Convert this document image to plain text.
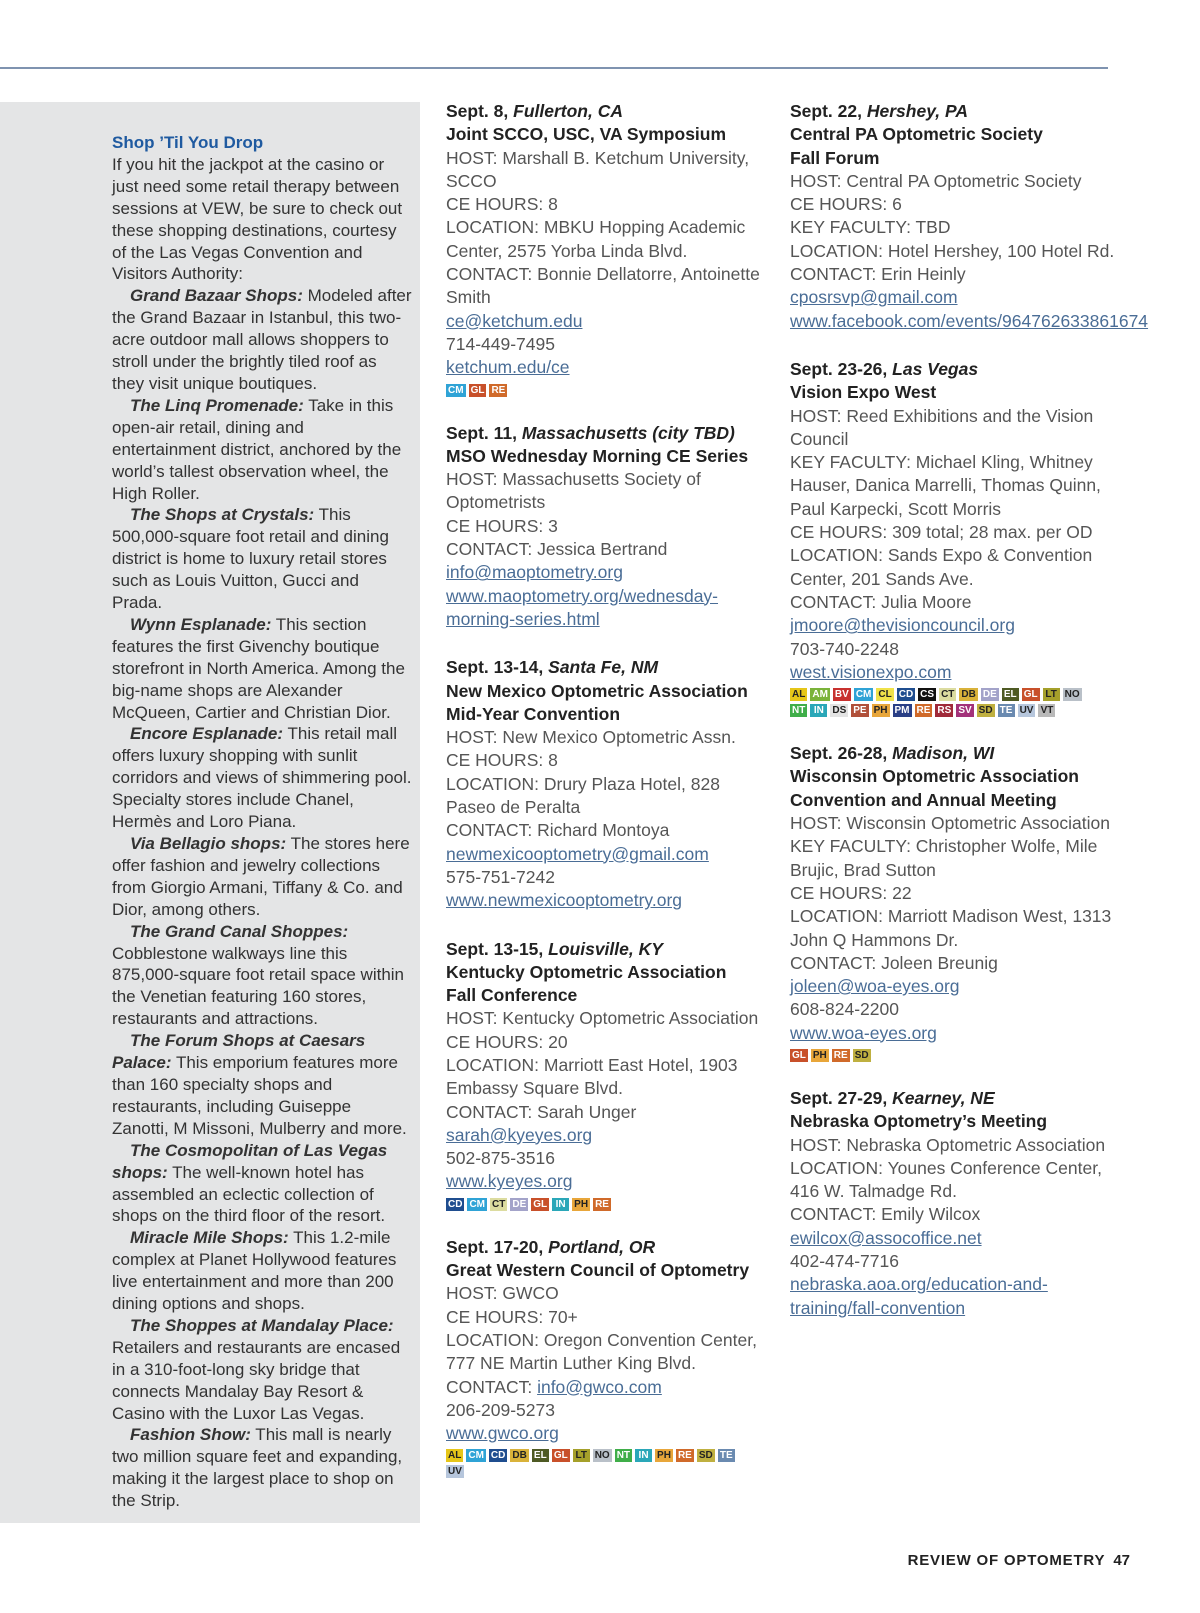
Shop ’Til You Drop

If you hit the jackpot at the casino or just need some retail therapy between sessions at VEW, be sure to check out these shopping destinations, courtesy of the Las Vegas Convention and Visitors Authority:

Grand Bazaar Shops: Modeled after the Grand Bazaar in Istanbul, this two-acre outdoor mall allows shoppers to stroll under the brightly tiled roof as they visit unique boutiques.

The Linq Promenade: Take in this open-air retail, dining and entertainment district, anchored by the world’s tallest observation wheel, the High Roller.

The Shops at Crystals: This 500,000-square foot retail and dining district is home to luxury retail stores such as Louis Vuitton, Gucci and Prada.

Wynn Esplanade: This section features the first Givenchy boutique storefront in North America. Among the big-name shops are Alexander McQueen, Cartier and Christian Dior.

Encore Esplanade: This retail mall offers luxury shopping with sunlit corridors and views of shimmering pool. Specialty stores include Chanel, Hermès and Loro Piana.

Via Bellagio shops: The stores here offer fashion and jewelry collections from Giorgio Armani, Tiffany & Co. and Dior, among others.

The Grand Canal Shoppes: Cobblestone walkways line this 875,000-square foot retail space within the Venetian featuring 160 stores, restaurants and attractions.

The Forum Shops at Caesars Palace: This emporium features more than 160 specialty shops and restaurants, including Guiseppe Zanotti, M Missoni, Mulberry and more.

The Cosmopolitan of Las Vegas shops: The well-known hotel has assembled an eclectic collection of shops on the third floor of the resort.

Miracle Mile Shops: This 1.2-mile complex at Planet Hollywood features live entertainment and more than 200 dining options and shops.

The Shoppes at Mandalay Place: Retailers and restaurants are encased in a 310-foot-long sky bridge that connects Mandalay Bay Resort & Casino with the Luxor Las Vegas.

Fashion Show: This mall is nearly two million square feet and expanding, making it the largest place to shop on the Strip.

Sept. 8, Fullerton, CA
Joint SCCO, USC, VA Symposium
HOST: Marshall B. Ketchum University, SCCO
CE HOURS: 8
LOCATION: MBKU Hopping Academic Center, 2575 Yorba Linda Blvd.
CONTACT: Bonnie Dellatorre, Antoinette Smith
ce@ketchum.edu
714-449-7495
ketchum.edu/ce
CM GL RE
Sept. 11, Massachusetts (city TBD)
MSO Wednesday Morning CE Series
HOST: Massachusetts Society of Optometrists
CE HOURS: 3
CONTACT: Jessica Bertrand
info@maoptometry.org
www.maoptometry.org/wednesday-morning-series.html
Sept. 13-14, Santa Fe, NM
New Mexico Optometric Association
Mid-Year Convention
HOST: New Mexico Optometric Assn.
CE HOURS: 8
LOCATION: Drury Plaza Hotel, 828 Paseo de Peralta
CONTACT: Richard Montoya
newmexicooptometry@gmail.com
575-751-7242
www.newmexicooptometry.org
Sept. 13-15, Louisville, KY
Kentucky Optometric Association
Fall Conference
HOST: Kentucky Optometric Association
CE HOURS: 20
LOCATION: Marriott East Hotel, 1903 Embassy Square Blvd.
CONTACT: Sarah Unger
sarah@kyeyes.org
502-875-3516
www.kyeyes.org
CD CM CT DE GL IN PH RE
Sept. 17-20, Portland, OR
Great Western Council of Optometry
HOST: GWCO
CE HOURS: 70+
LOCATION: Oregon Convention Center, 777 NE Martin Luther King Blvd.
CONTACT: info@gwco.com
206-209-5273
www.gwco.org
AL CM CD DB EL GL LT NO NT IN PH RE SD TE
UV
Sept. 22, Hershey, PA
Central PA Optometric Society
Fall Forum
HOST: Central PA Optometric Society
CE HOURS: 6
KEY FACULTY: TBD
LOCATION: Hotel Hershey, 100 Hotel Rd.
CONTACT: Erin Heinly
cposrsvp@gmail.com
www.facebook.com/events/964762633861674
Sept. 23-26, Las Vegas
Vision Expo West
HOST: Reed Exhibitions and the Vision Council
KEY FACULTY: Michael Kling, Whitney Hauser, Danica Marrelli, Thomas Quinn, Paul Karpecki, Scott Morris
CE HOURS: 309 total; 28 max. per OD
LOCATION: Sands Expo & Convention Center, 201 Sands Ave.
CONTACT: Julia Moore
jmoore@thevisioncouncil.org
703-740-2248
west.visionexpo.com
AL AM BV CM CL CD CS CT DB DE EL GL LT NO
NT IN DS PE PH PM RE RS SV SD TE UV VT
Sept. 26-28, Madison, WI
Wisconsin Optometric Association
Convention and Annual Meeting
HOST: Wisconsin Optometric Association
KEY FACULTY: Christopher Wolfe, Mile Brujic, Brad Sutton
CE HOURS: 22
LOCATION: Marriott Madison West, 1313 John Q Hammons Dr.
CONTACT: Joleen Breunig
joleen@woa-eyes.org
608-824-2200
www.woa-eyes.org
GL PH RE SD
Sept. 27-29, Kearney, NE
Nebraska Optometry’s Meeting
HOST: Nebraska Optometric Association
LOCATION: Younes Conference Center, 416 W. Talmadge Rd.
CONTACT: Emily Wilcox
ewilcox@assocoffice.net
402-474-7716
nebraska.aoa.org/education-and-training/fall-convention
REVIEW OF OPTOMETRY 47
